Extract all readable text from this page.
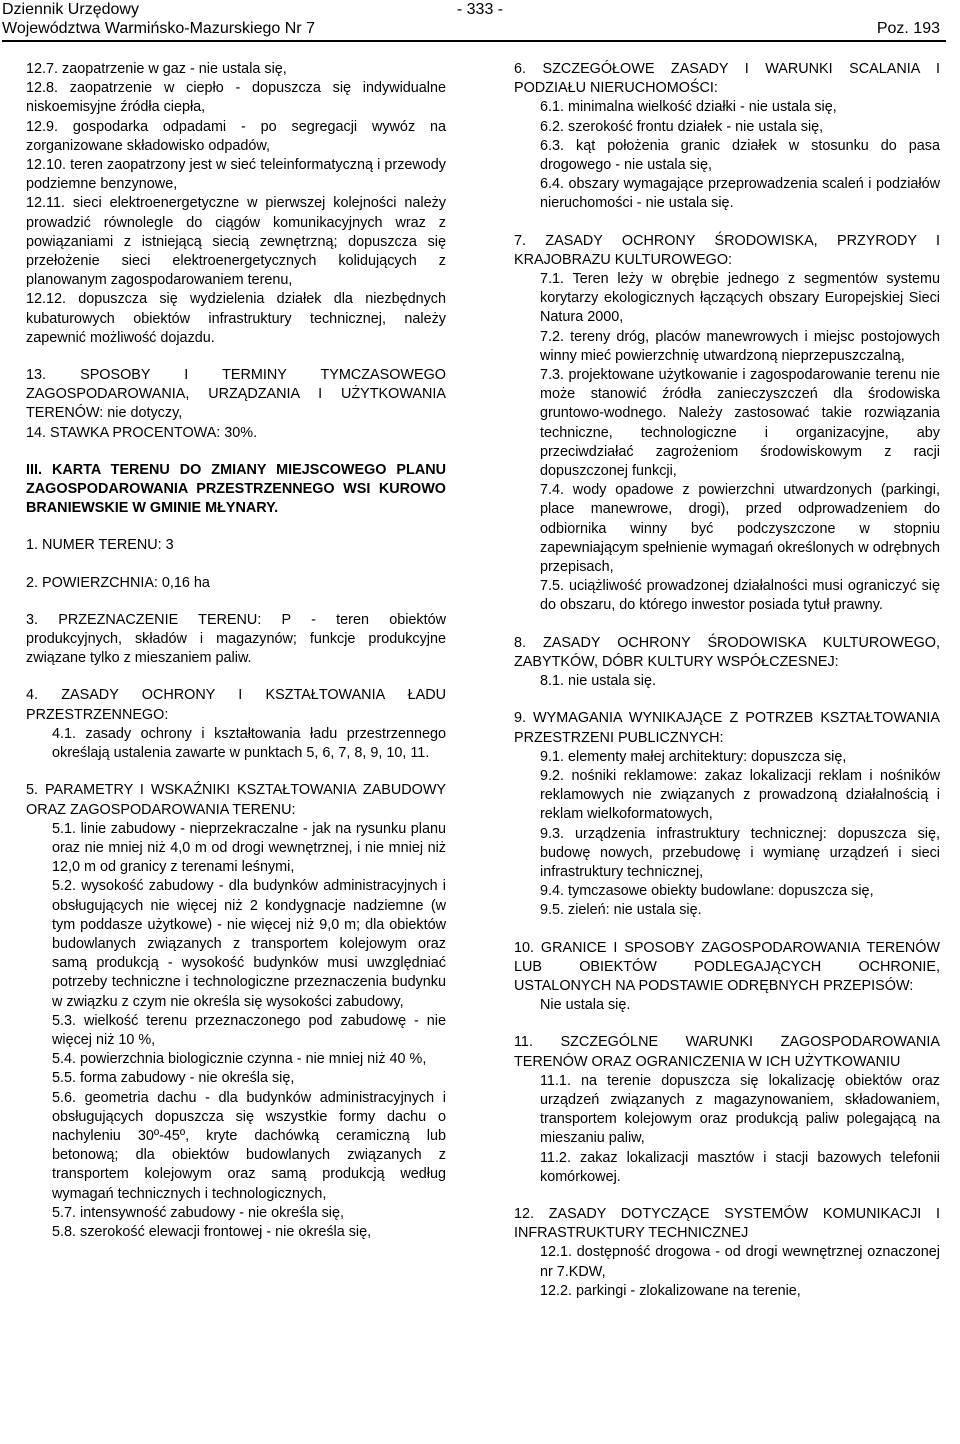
Dziennik Urzędowy
Województwa Warmińsko-Mazurskiego Nr 7
- 333 -
Poz. 193

12.7. zaopatrzenie w gaz - nie ustala się,

12.8. zaopatrzenie w ciepło - dopuszcza się indywidualne niskoemisyjne źródła ciepła,

12.9. gospodarka odpadami - po segregacji wywóz na zorganizowane składowisko odpadów,

12.10. teren zaopatrzony jest w sieć teleinformatyczną i przewody podziemne benzynowe,

12.11. sieci elektroenergetyczne w pierwszej kolejności należy prowadzić równolegle do ciągów komunikacyjnych wraz z powiązaniami z istniejącą siecią zewnętrzną; dopuszcza się przełożenie sieci elektroenergetycznych kolidujących z planowanym zagospodarowaniem terenu,

12.12. dopuszcza się wydzielenia działek dla niezbędnych kubaturowych obiektów infrastruktury technicznej, należy zapewnić możliwość dojazdu.

13. SPOSOBY I TERMINY TYMCZASOWEGO ZAGOSPODAROWANIA, URZĄDZANIA I UŻYTKOWANIA TERENÓW: nie dotyczy,

14. STAWKA PROCENTOWA: 30%.

III. KARTA TERENU DO ZMIANY MIEJSCOWEGO PLANU ZAGOSPODAROWANIA PRZESTRZENNEGO WSI KUROWO BRANIEWSKIE W GMINIE MŁYNARY.

1. NUMER TERENU: 3

2. POWIERZCHNIA: 0,16 ha

3. PRZEZNACZENIE TERENU: P - teren obiektów produkcyjnych, składów i magazynów; funkcje produkcyjne związane tylko z mieszaniem paliw.

4. ZASADY OCHRONY I KSZTAŁTOWANIA ŁADU PRZESTRZENNEGO:

4.1. zasady ochrony i kształtowania ładu przestrzennego określają ustalenia zawarte w punktach 5, 6, 7, 8, 9, 10, 11.

5. PARAMETRY I WSKAŹNIKI KSZTAŁTOWANIA ZABUDOWY ORAZ ZAGOSPODAROWANIA TERENU:

5.1. linie zabudowy - nieprzekraczalne - jak na rysunku planu oraz nie mniej niż 4,0 m od drogi wewnętrznej, i nie mniej niż 12,0 m od granicy z terenami leśnymi,

5.2. wysokość zabudowy - dla budynków administracyjnych i obsługujących nie więcej niż 2 kondygnacje nadziemne (w tym poddasze użytkowe) - nie więcej niż 9,0 m; dla obiektów budowlanych związanych z transportem kolejowym oraz samą produkcją - wysokość budynków musi uwzględniać potrzeby techniczne i technologiczne przeznaczenia budynku w związku z czym nie określa się wysokości zabudowy,

5.3. wielkość terenu przeznaczonego pod zabudowę - nie więcej niż 10 %,

5.4. powierzchnia biologicznie czynna - nie mniej niż 40 %,

5.5. forma zabudowy - nie określa się,

5.6. geometria dachu - dla budynków administracyjnych i obsługujących dopuszcza się wszystkie formy dachu o nachyleniu 30º-45º, kryte dachówką ceramiczną lub betonową; dla obiektów budowlanych związanych z transportem kolejowym oraz samą produkcją według wymagań technicznych i technologicznych,

5.7. intensywność zabudowy - nie określa się,

5.8. szerokość elewacji frontowej - nie określa się,

6. SZCZEGÓŁOWE ZASADY I WARUNKI SCALANIA I PODZIAŁU NIERUCHOMOŚCI:

6.1. minimalna wielkość działki - nie ustala się,

6.2. szerokość frontu działek - nie ustala się,

6.3. kąt położenia granic działek w stosunku do pasa drogowego - nie ustala się,

6.4. obszary wymagające przeprowadzenia scaleń i podziałów nieruchomości - nie ustala się.

7. ZASADY OCHRONY ŚRODOWISKA, PRZYRODY I KRAJOBRAZU KULTUROWEGO:

7.1. Teren leży w obrębie jednego z segmentów systemu korytarzy ekologicznych łączących obszary Europejskiej Sieci Natura 2000,

7.2. tereny dróg, placów manewrowych i miejsc postojowych winny mieć powierzchnię utwardzoną nieprzepuszczalną,

7.3. projektowane użytkowanie i zagospodarowanie terenu nie może stanowić źródła zanieczyszczeń dla środowiska gruntowo-wodnego. Należy zastosować takie rozwiązania techniczne, technologiczne i organizacyjne, aby przeciwdziałać zagrożeniom środowiskowym z racji dopuszczonej funkcji,

7.4. wody opadowe z powierzchni utwardzonych (parkingi, place manewrowe, drogi), przed odprowadzeniem do odbiornika winny być podczyszczone w stopniu zapewniającym spełnienie wymagań określonych w odrębnych przepisach,

7.5. uciążliwość prowadzonej działalności musi ograniczyć się do obszaru, do którego inwestor posiada tytuł prawny.

8. ZASADY OCHRONY ŚRODOWISKA KULTUROWEGO, ZABYTKÓW, DÓBR KULTURY WSPÓŁCZESNEJ:

8.1. nie ustala się.

9. WYMAGANIA WYNIKAJĄCE Z POTRZEB KSZTAŁTOWANIA PRZESTRZENI PUBLICZNYCH:

9.1. elementy małej architektury: dopuszcza się,

9.2. nośniki reklamowe: zakaz lokalizacji reklam i nośników reklamowych nie związanych z prowadzoną działalnością i reklam wielkoformatowych,

9.3. urządzenia infrastruktury technicznej: dopuszcza się, budowę nowych, przebudowę i wymianę urządzeń i sieci infrastruktury technicznej,

9.4. tymczasowe obiekty budowlane: dopuszcza się,

9.5. zieleń: nie ustala się.

10. GRANICE I SPOSOBY ZAGOSPODAROWANIA TERENÓW LUB OBIEKTÓW PODLEGAJĄCYCH OCHRONIE, USTALONYCH NA PODSTAWIE ODRĘBNYCH PRZEPISÓW:

Nie ustala się.

11. SZCZEGÓLNE WARUNKI ZAGOSPODAROWANIA TERENÓW ORAZ OGRANICZENIA W ICH UŻYTKOWANIU

11.1. na terenie dopuszcza się lokalizację obiektów oraz urządzeń związanych z magazynowaniem, składowaniem, transportem kolejowym oraz produkcją paliw polegającą na mieszaniu paliw,

11.2. zakaz lokalizacji masztów i stacji bazowych telefonii komórkowej.

12. ZASADY DOTYCZĄCE SYSTEMÓW KOMUNIKACJI I INFRASTRUKTURY TECHNICZNEJ

12.1. dostępność drogowa - od drogi wewnętrznej oznaczonej nr 7.KDW,

12.2. parkingi - zlokalizowane na terenie,
